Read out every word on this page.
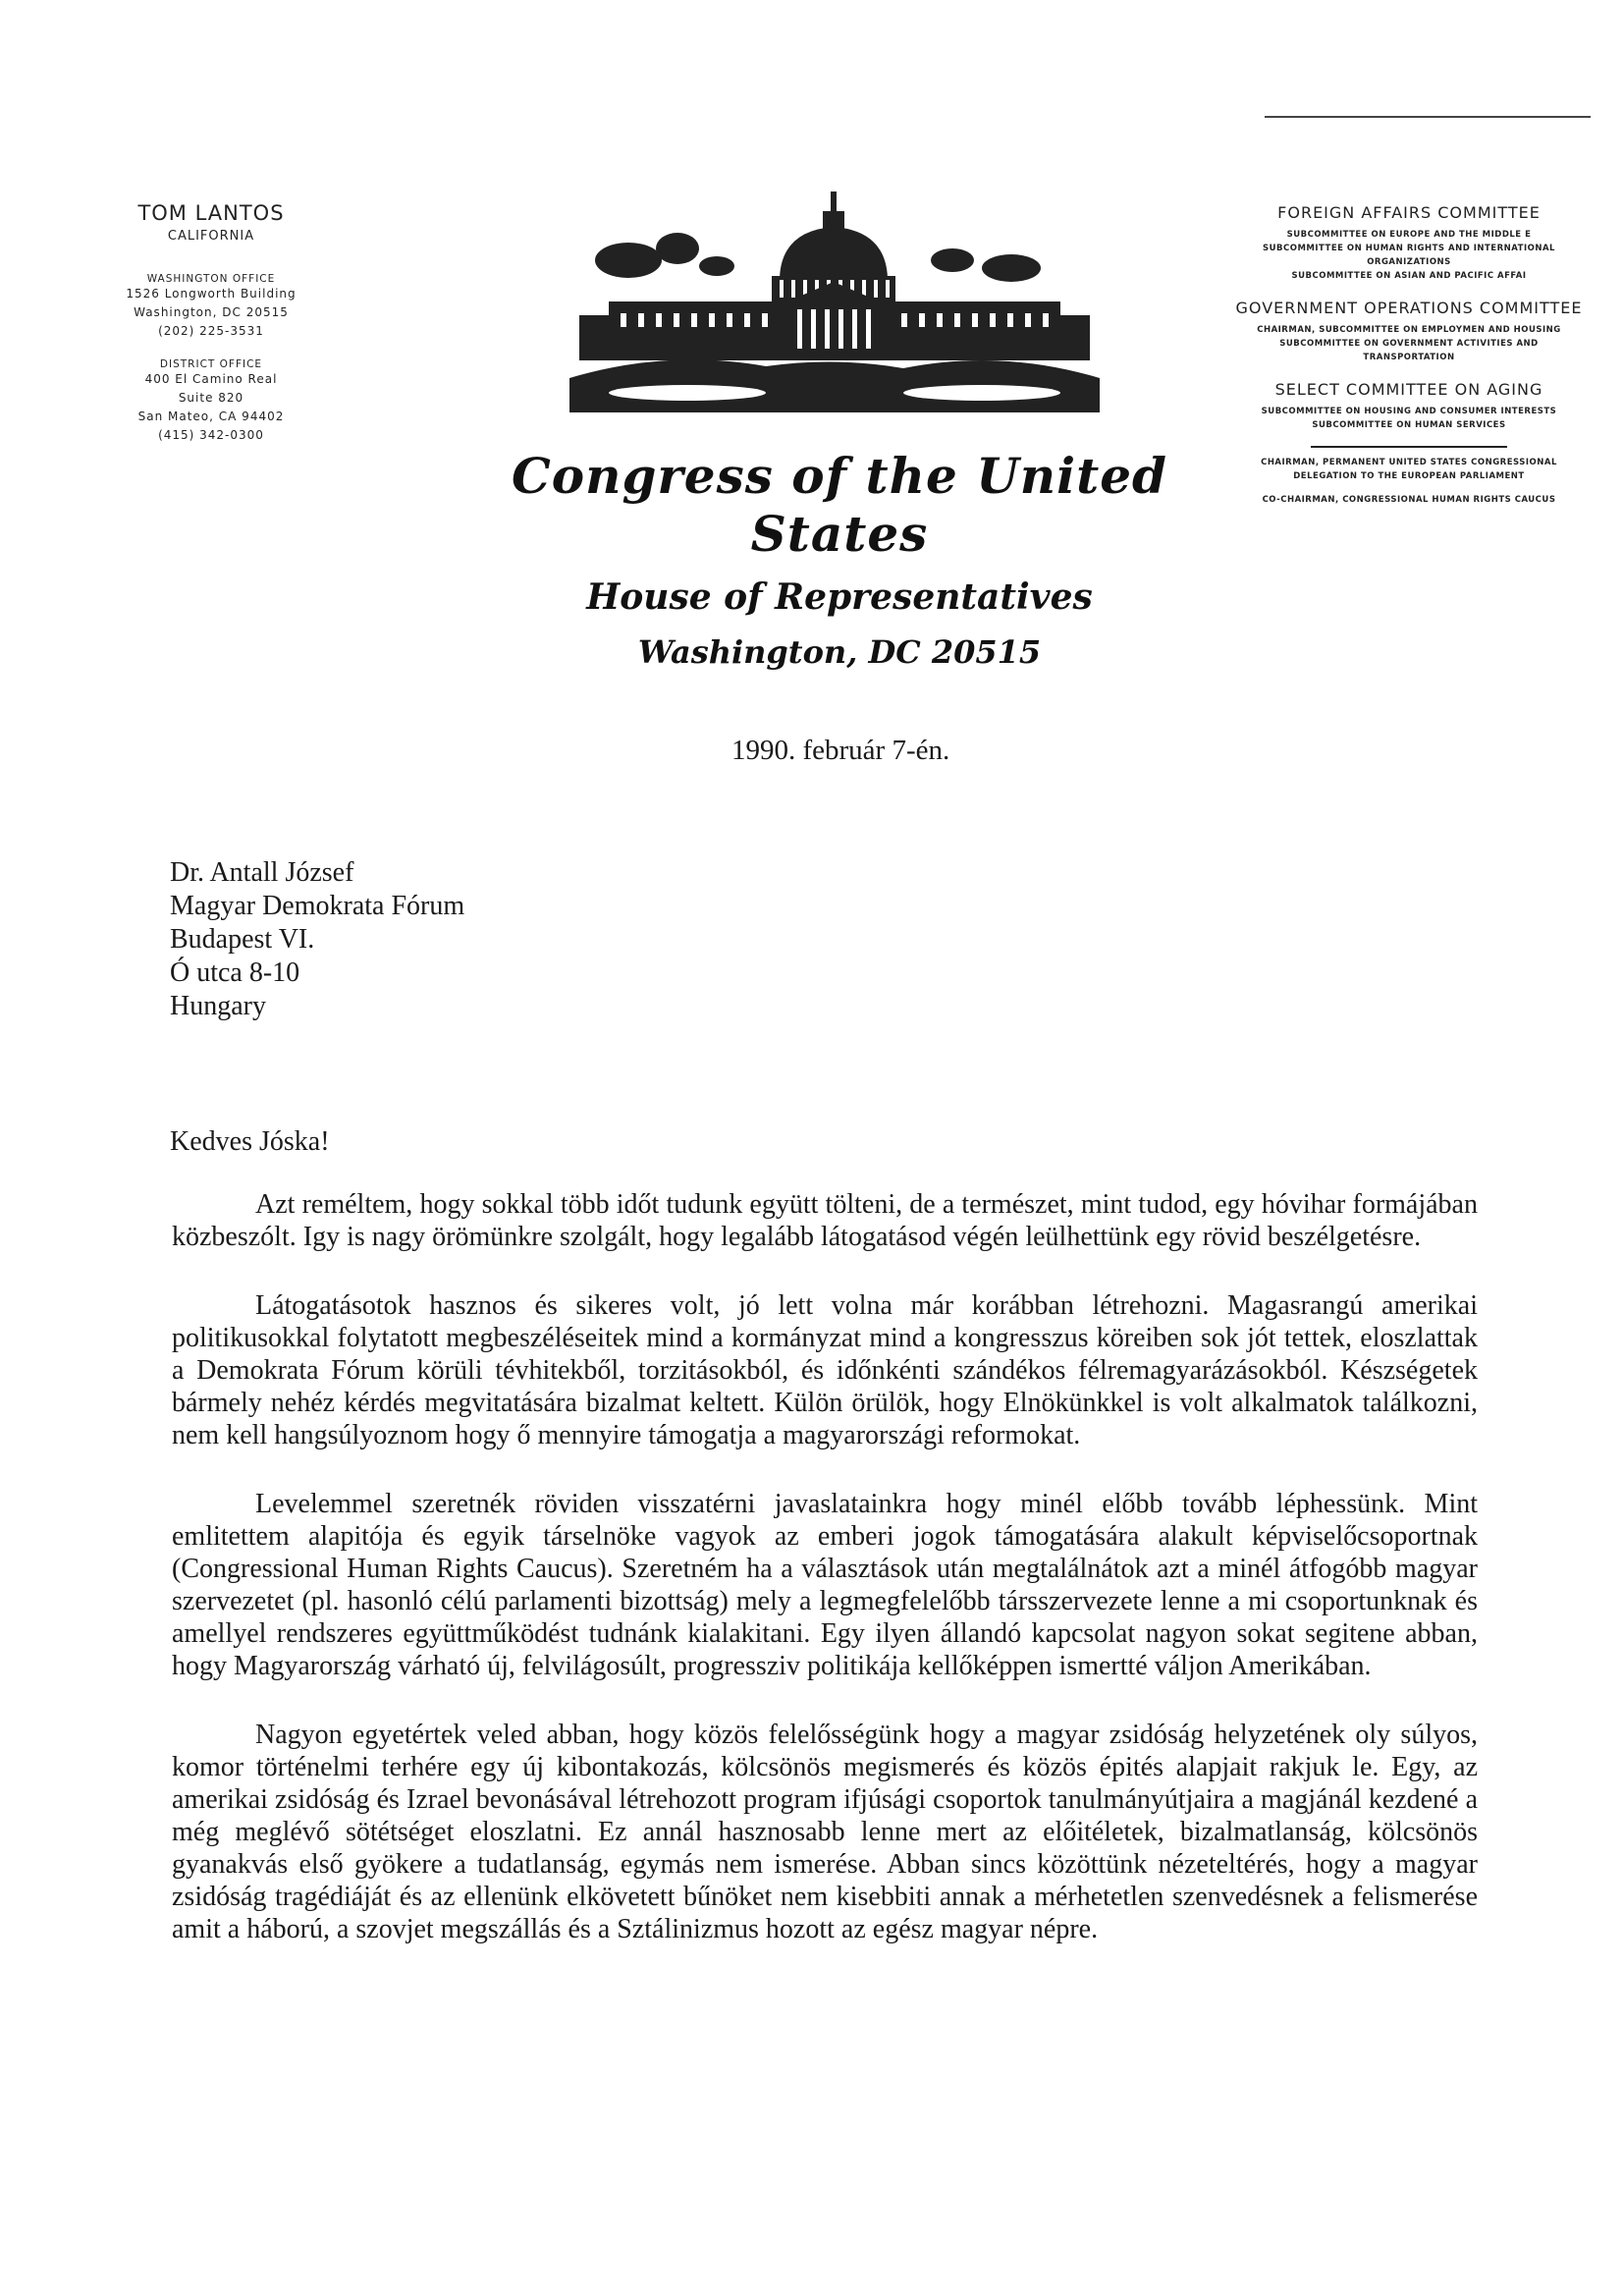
TOM LANTOS
CALIFORNIA
WASHINGTON OFFICE
1526 Longworth Building
Washington, DC 20515
(202) 225-3531
DISTRICT OFFICE
400 El Camino Real
Suite 820
San Mateo, CA 94402
(415) 342-0300
Congress of the United States
House of Representatives
Washington, DC 20515
FOREIGN AFFAIRS COMMITTEE
SUBCOMMITTEE ON EUROPE AND THE MIDDLE E
SUBCOMMITTEE ON HUMAN RIGHTS AND INTERNATIONAL ORGANIZATIONS
SUBCOMMITTEE ON ASIAN AND PACIFIC AFFAI
GOVERNMENT OPERATIONS COMMITTEE
CHAIRMAN, SUBCOMMITTEE ON EMPLOYMEN AND HOUSING
SUBCOMMITTEE ON GOVERNMENT ACTIVITIES AND TRANSPORTATION
SELECT COMMITTEE ON AGING
SUBCOMMITTEE ON HOUSING AND CONSUMER INTERESTS
SUBCOMMITTEE ON HUMAN SERVICES
CHAIRMAN, PERMANENT UNITED STATES CONGRESSIONAL DELEGATION TO THE EUROPEAN PARLIAMENT
CO-CHAIRMAN, CONGRESSIONAL HUMAN RIGHTS CAUCUS
1990. február 7-én.
Dr. Antall József
Magyar Demokrata Fórum
Budapest VI.
Ó utca 8-10
Hungary
Kedves Jóska!

Azt reméltem, hogy sokkal több időt tudunk együtt tölteni, de a természet, mint tudod, egy hóvihar formájában közbeszólt. Igy is nagy örömünkre szolgált, hogy legalább látogatásod végén leülhettünk egy rövid beszélgetésre.

Látogatásotok hasznos és sikeres volt, jó lett volna már korábban létrehozni. Magasrangú amerikai politikusokkal folytatott megbeszéléseitek mind a kormányzat mind a kongresszus köreiben sok jót tettek, eloszlattak a Demokrata Fórum körüli tévhitekből, torzitásokból, és időnkénti szándékos félremagyarázásokból. Készségetek bármely nehéz kérdés megvitatására bizalmat keltett. Külön örülök, hogy Elnökünkkel is volt alkalmatok találkozni, nem kell hangsúlyoznom hogy ő mennyire támogatja a magyarországi reformokat.

Levelemmel szeretnék röviden visszatérni javaslatainkra hogy minél előbb tovább léphessünk. Mint emlitettem alapitója és egyik társelnöke vagyok az emberi jogok támogatására alakult képviselőcsoportnak (Congressional Human Rights Caucus). Szeretném ha a választások után megtalálnátok azt a minél átfogóbb magyar szervezetet (pl. hasonló célú parlamenti bizottság) mely a legmegfelelőbb társszervezete lenne a mi csoportunknak és amellyel rendszeres együttműködést tudnánk kialakitani. Egy ilyen állandó kapcsolat nagyon sokat segitene abban, hogy Magyarország várható új, felvilágosúlt, progressziv politikája kellőképpen ismertté váljon Amerikában.

Nagyon egyetértek veled abban, hogy közös felelősségünk hogy a magyar zsidóság helyzetének oly súlyos, komor történelmi terhére egy új kibontakozás, kölcsönös megismerés és közös épités alapjait rakjuk le. Egy, az amerikai zsidóság és Izrael bevonásával létrehozott program ifjúsági csoportok tanulmányútjaira a magjánál kezdené a még meglévő sötétséget eloszlatni. Ez annál hasznosabb lenne mert az előitéletek, bizalmatlanság, kölcsönös gyanakvás első gyökere a tudatlanság, egymás nem ismerése. Abban sincs közöttünk nézeteltérés, hogy a magyar zsidóság tragédiáját és az ellenünk elkövetett bűnöket nem kisebbiti annak a mérhetetlen szenvedésnek a felismerése amit a háború, a szovjet megszállás és a Sztálinizmus hozott az egész magyar népre.
